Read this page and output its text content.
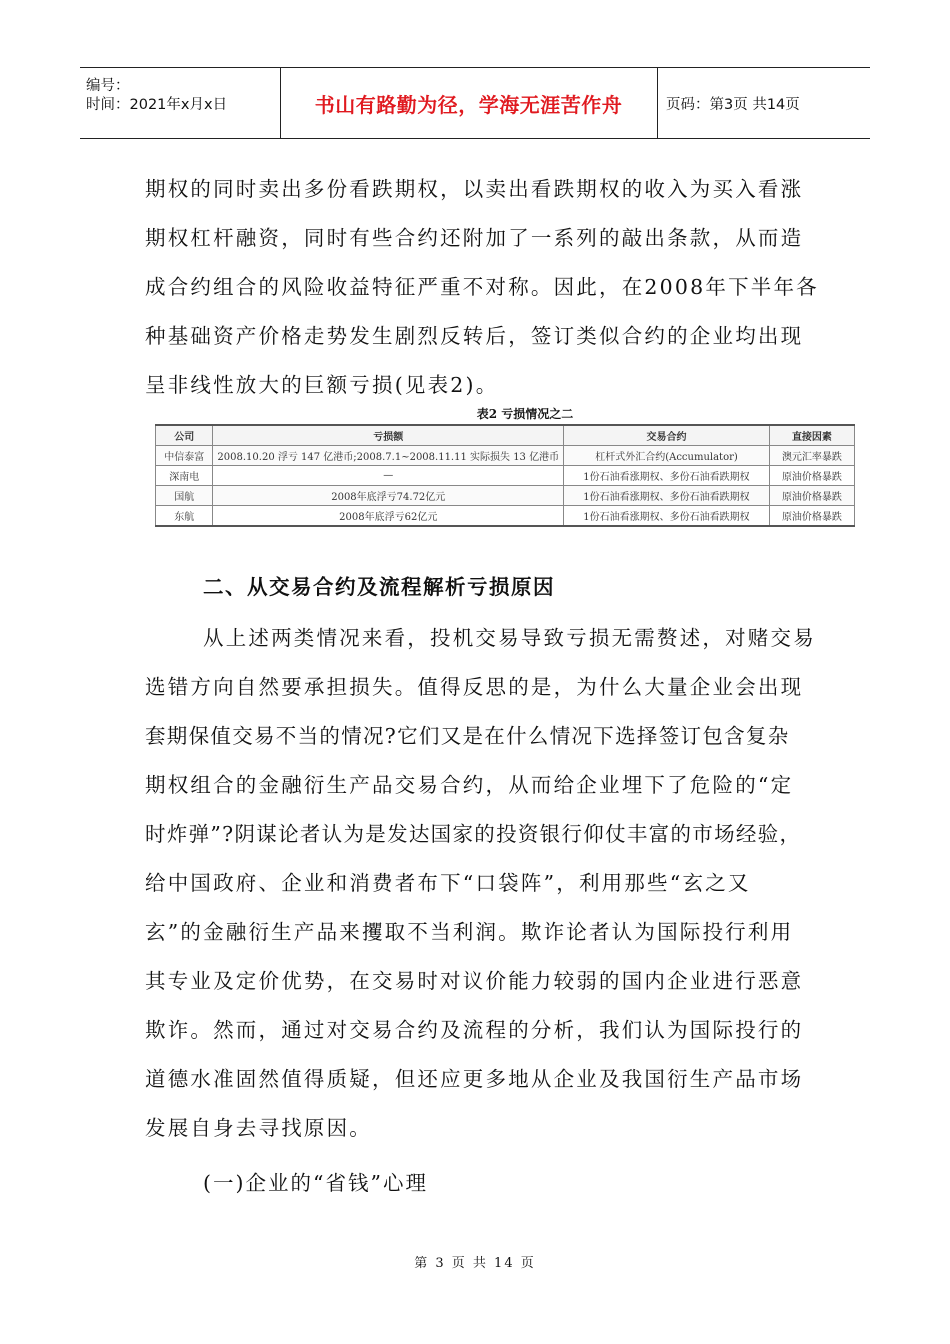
编号：
时间：2021年x月x日	书山有路勤为径，学海无涯苦作舟	页码：第3页 共14页
期权的同时卖出多份看跌期权，以卖出看跌期权的收入为买入看涨
期权杠杆融资，同时有些合约还附加了一系列的敲出条款，从而造
成合约组合的风险收益特征严重不对称。因此，在2008年下半年各
种基础资产价格走势发生剧烈反转后，签订类似合约的企业均出现
呈非线性放大的巨额亏损(见表2)。
表2 亏损情况之二
公司	亏损额	交易合约	直接因素
中信泰富	2008.10.20 浮亏 147 亿港币;2008.7.1~2008.11.11 实际损失 13 亿港币	杠杆式外汇合约(Accumulator)	澳元汇率暴跌
深南电	—	1份石油看涨期权、多份石油看跌期权	原油价格暴跌
国航	2008年底浮亏74.72亿元	1份石油看涨期权、多份石油看跌期权	原油价格暴跌
东航	2008年底浮亏62亿元	1份石油看涨期权、多份石油看跌期权	原油价格暴跌
二、从交易合约及流程解析亏损原因
从上述两类情况来看，投机交易导致亏损无需赘述，对赌交易
选错方向自然要承担损失。值得反思的是，为什么大量企业会出现
套期保值交易不当的情况?它们又是在什么情况下选择签订包含复杂
期权组合的金融衍生产品交易合约，从而给企业埋下了危险的“定
时炸弹”?阴谋论者认为是发达国家的投资银行仰仗丰富的市场经验，
给中国政府、企业和消费者布下“口袋阵”，利用那些“玄之又
玄”的金融衍生产品来攫取不当利润。欺诈论者认为国际投行利用
其专业及定价优势，在交易时对议价能力较弱的国内企业进行恶意
欺诈。然而，通过对交易合约及流程的分析，我们认为国际投行的
道德水准固然值得质疑，但还应更多地从企业及我国衍生产品市场
发展自身去寻找原因。
(一)企业的“省钱”心理
第 3 页 共 14 页
